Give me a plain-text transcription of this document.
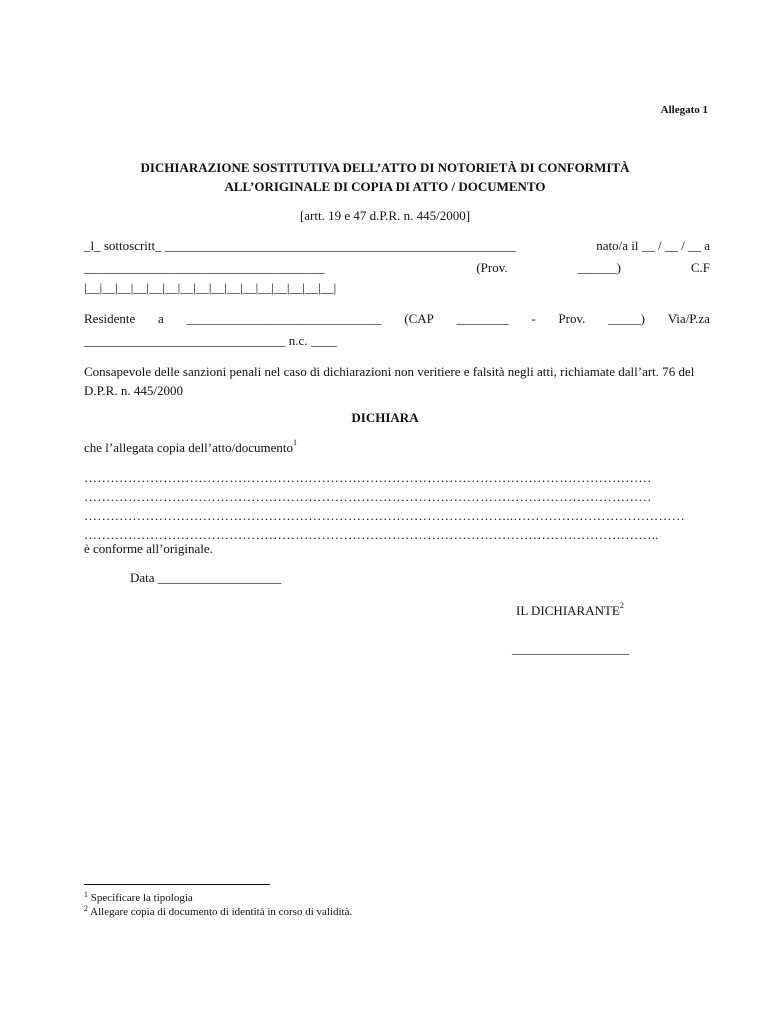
Allegato 1
DICHIARAZIONE SOSTITUTIVA DELL’ATTO DI NOTORIETÀ DI CONFORMITÀ
ALL’ORIGINALE DI COPIA DI ATTO / DOCUMENTO
[artt. 19 e 47 d.P.R. n. 445/2000]
_l_ sottoscritt_ ______________________________________________________	nato/a il __ / __ / __ a
_____________________________________	(Prov.	______)	C.F
|__|__|__|__|__|__|__|__|__|__|__|__|__|__|__|__|
Residente a ______________________________ (CAP ________ - Prov. _____) Via/P.za
_______________________________ n.c. ____
Consapevole delle sanzioni penali nel caso di dichiarazioni non veritiere e falsità negli atti, richiamate dall’art. 76 del D.P.R. n. 445/2000
DICHIARA
che l’allegata copia dell’atto/documento$^1$
…………………………………………………………………………………………………………………
…………………………………………………………………………………………………………………
……………………………………………………………………………………..…………………………………
…………………………………………………………………………………………………………………..
è conforme all’originale.
Data ___________________
IL DICHIARANTE$^2$
__________________
$^1$ Specificare la tipologia
$^2$ Allegare copia di documento di identità in corso di validità.
